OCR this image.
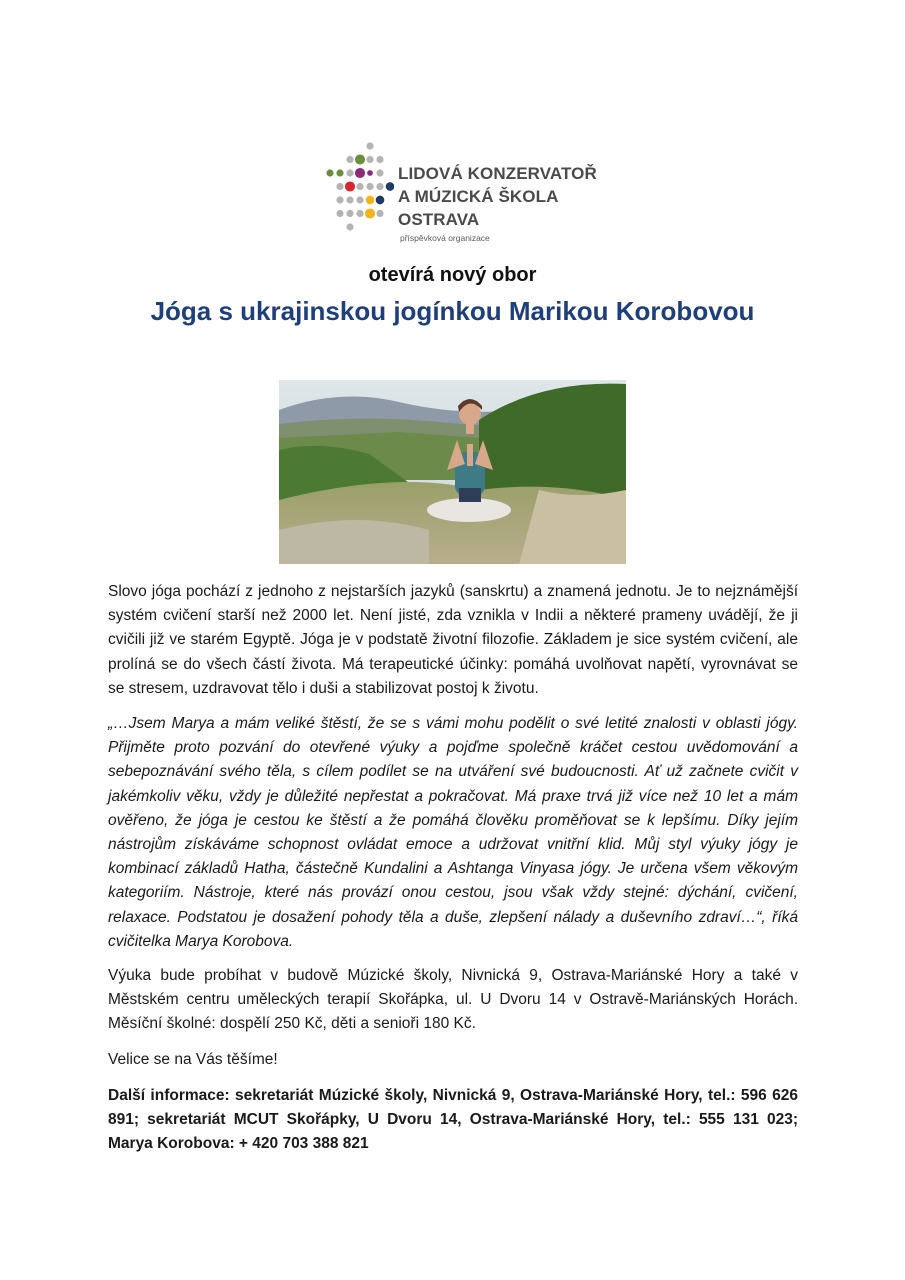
LIDOVÁ KONZERVATOŘ
A MÚZICKÁ ŠKOLA
OSTRAVA
příspěvková organizace
otevírá nový obor
Jóga s ukrajinskou jogínkou Marikou Korobovou
Slovo jóga pochází z jednoho z nejstarších jazyků (sanskrtu) a znamená jednotu. Je to nejznámější systém cvičení starší než 2000 let. Není jisté, zda vznikla v Indii a některé prameny uvádějí, že ji cvičili již ve starém Egyptě. Jóga je v podstatě životní filozofie. Základem je sice systém cvičení, ale prolíná se do všech částí života. Má terapeutické účinky: pomáhá uvolňovat napětí, vyrovnávat se se stresem, uzdravovat tělo i duši a stabilizovat postoj k životu.
„…Jsem Marya a mám veliké štěstí, že se s vámi mohu podělit o své letité znalosti v oblasti jógy. Přijměte proto pozvání do otevřené výuky a pojďme společně kráčet cestou uvědomování a sebepoznávání svého těla, s cílem podílet se na utváření své budoucnosti. Ať už začnete cvičit v jakémkoliv věku, vždy je důležité nepřestat a pokračovat. Má praxe trvá již více než 10 let a mám ověřeno, že jóga je cestou ke štěstí a že pomáhá člověku proměňovat se k lepšímu. Díky jejím nástrojům získáváme schopnost ovládat emoce a udržovat vnitřní klid. Můj styl výuky jógy je kombinací základů Hatha, částečně Kundalini a Ashtanga Vinyasa jógy. Je určena všem věkovým kategoriím. Nástroje, které nás provází onou cestou, jsou však vždy stejné: dýchání, cvičení, relaxace. Podstatou je dosažení pohody těla a duše, zlepšení nálady a duševního zdraví…“, říká cvičitelka Marya Korobova.
Výuka bude probíhat v budově Múzické školy, Nivnická 9, Ostrava-Mariánské Hory a také v Městském centru uměleckých terapií Skořápka, ul. U Dvoru 14 v Ostravě-Mariánských Horách. Měsíční školné: dospělí 250 Kč, děti a senioři 180 Kč.
Velice se na Vás těšíme!
Další informace: sekretariát Múzické školy, Nivnická 9, Ostrava-Mariánské Hory, tel.: 596 626 891; sekretariát MCUT Skořápky, U Dvoru 14, Ostrava-Mariánské Hory, tel.: 555 131 023; Marya Korobova: + 420 703 388 821
